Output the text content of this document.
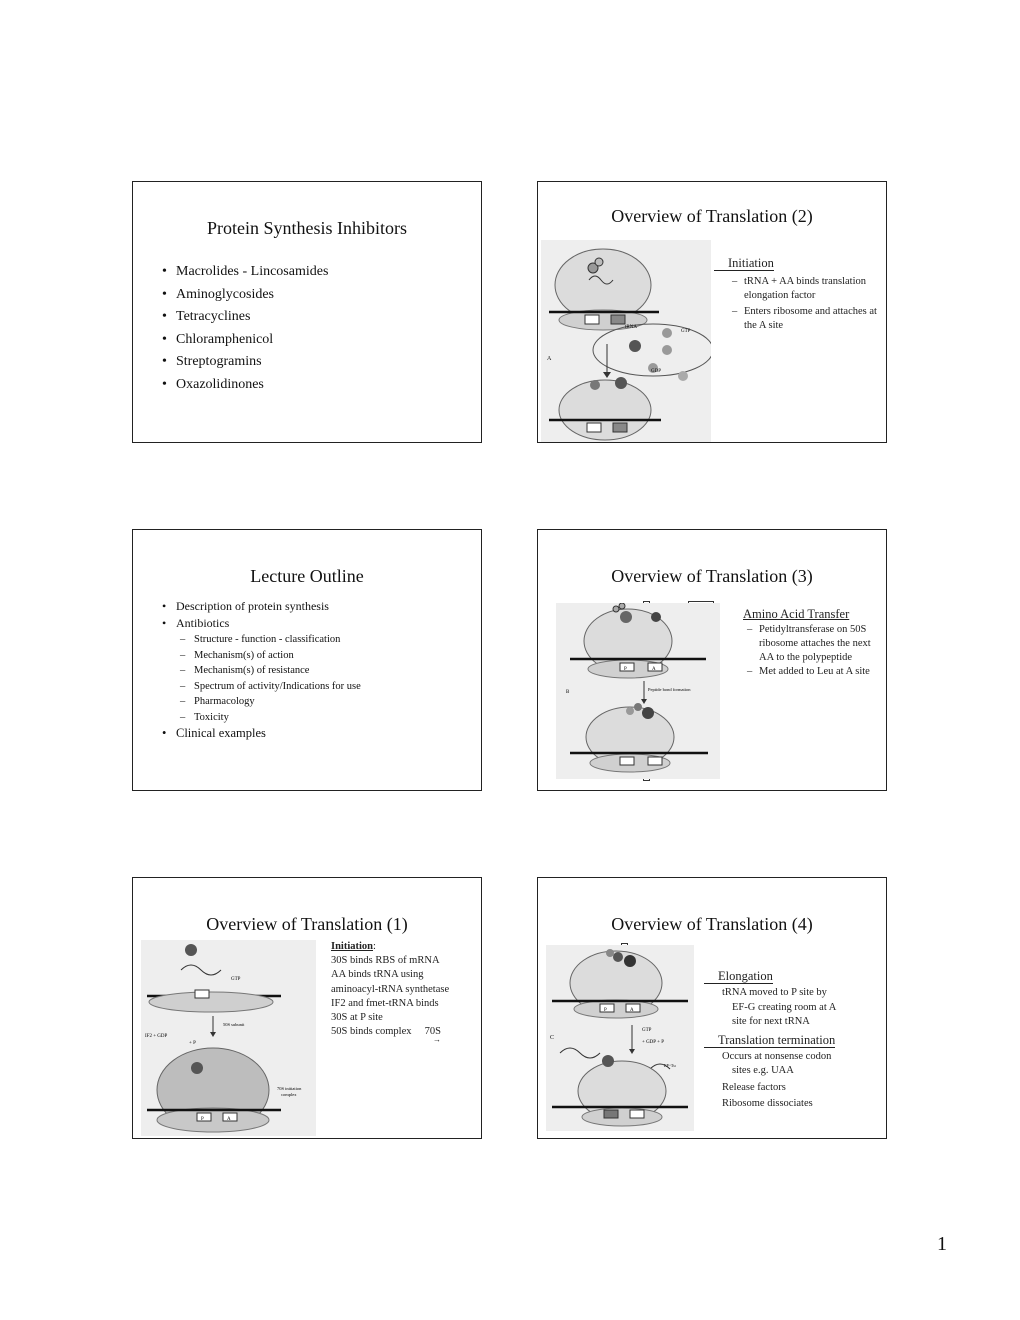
Protein Synthesis Inhibitors
• Macrolides - Lincosamides
• Aminoglycosides
• Tetracyclines
• Chloramphenicol
• Streptogramins
• Oxazolidinones
Overview of Translation (2)
GTP
GDP
tRNA
A
Initiation
– tRNA + AA binds translation elongation factor
– Enters ribosome and attaches at the A site
Lecture Outline
• Description of protein synthesis
• Antibiotics
– Structure - function - classification
– Mechanism(s) of action
– Mechanism(s) of resistance
– Spectrum of activity/Indications for use
– Pharmacology
– Toxicity
• Clinical examples
Overview of Translation (3)
P	A
B
Peptide bond formation
Amino Acid Transfer
– Petidyltransferase on 50S ribosome attaches the next AA to the polypeptide
– Met added to Leu at A site
Overview of Translation (1)
GTP
50S subunit
IF2 + GDP
+ P
P	A
70S initiation
complex
Initiation:
30S binds RBS of mRNA
AA binds tRNA using
aminoacyl-tRNA synthetase
IF2 and fmet-tRNA binds
30S at P site
50S binds complex     70S
→
Overview of Translation (4)
P	A
C
GTP
+ GDP + P
EF-Tu
Elongation
tRNA moved to P site by
EF-G creating room at A
site for next tRNA
Translation termination
Occurs at nonsense codon
sites e.g. UAA
Release factors
Ribosome dissociates
1
